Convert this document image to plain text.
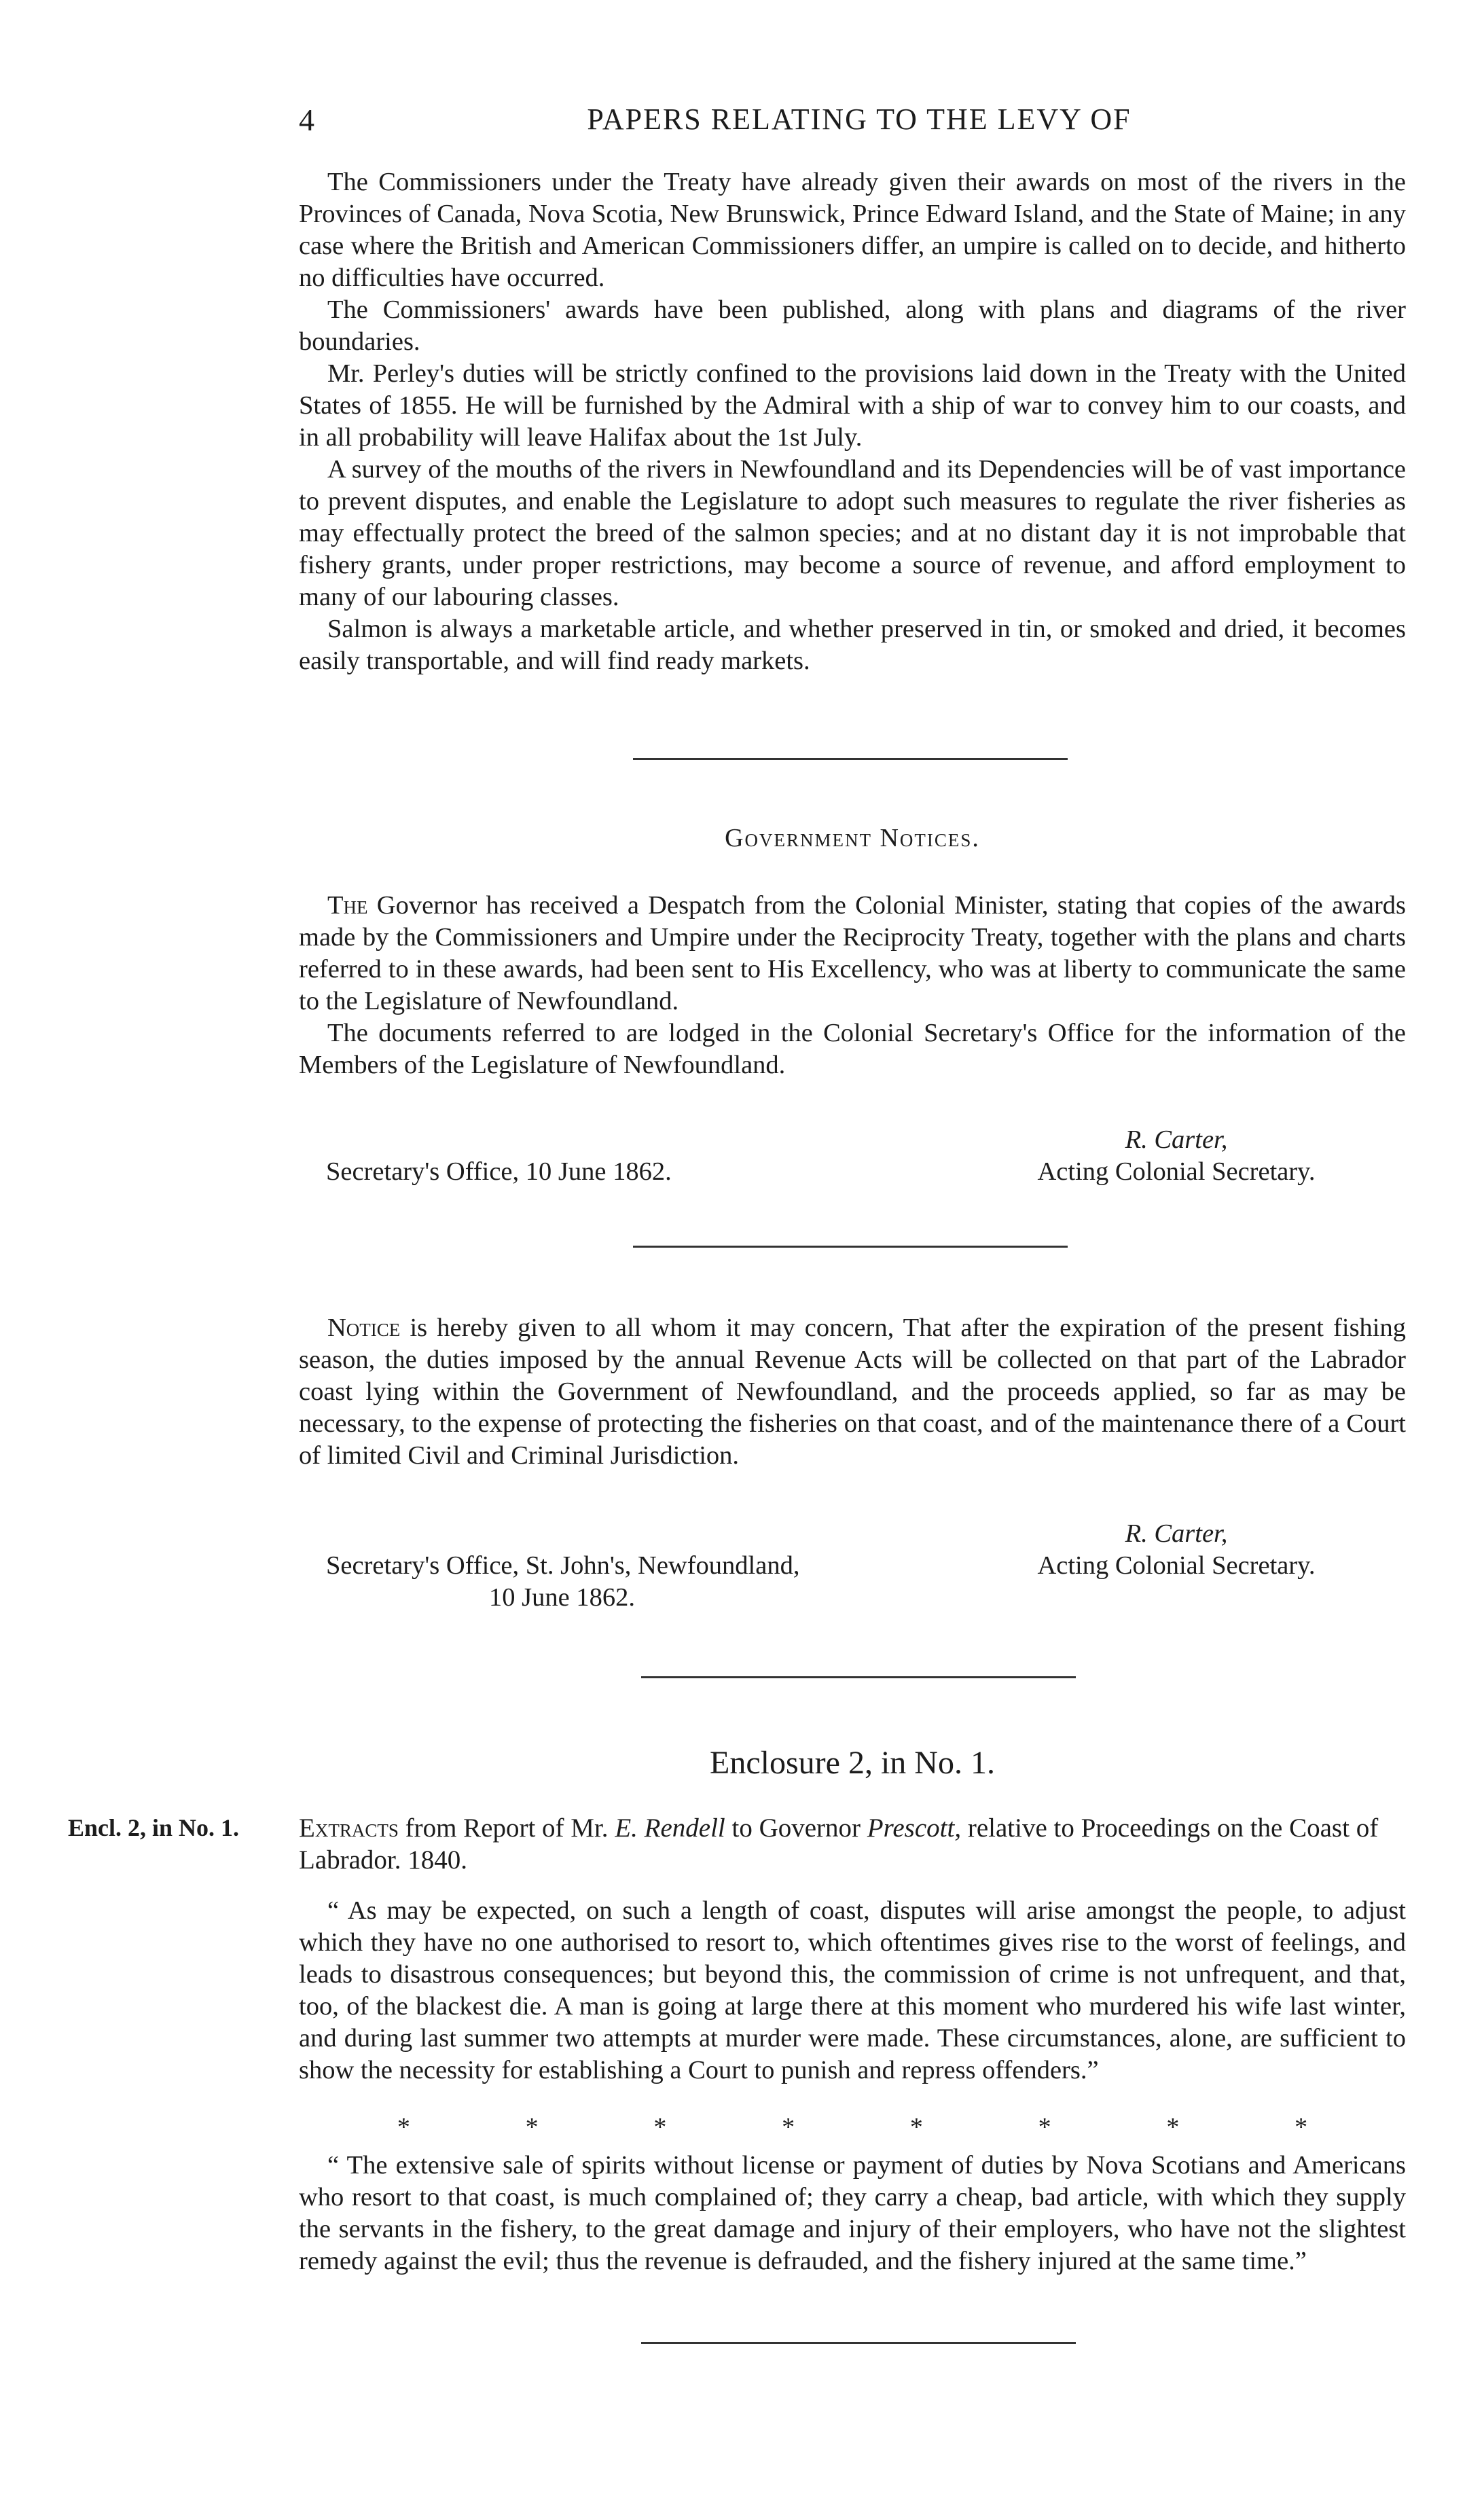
4	PAPERS RELATING TO THE LEVY OF

The Commissioners under the Treaty have already given their awards on most of the rivers in the Provinces of Canada, Nova Scotia, New Brunswick, Prince Edward Island, and the State of Maine; in any case where the British and American Commissioners differ, an umpire is called on to decide, and hitherto no difficulties have occurred.

The Commissioners' awards have been published, along with plans and diagrams of the river boundaries.

Mr. Perley's duties will be strictly confined to the provisions laid down in the Treaty with the United States of 1855. He will be furnished by the Admiral with a ship of war to convey him to our coasts, and in all probability will leave Halifax about the 1st July.

A survey of the mouths of the rivers in Newfoundland and its Dependencies will be of vast importance to prevent disputes, and enable the Legislature to adopt such measures to regulate the river fisheries as may effectually protect the breed of the salmon species; and at no distant day it is not improbable that fishery grants, under proper restrictions, may become a source of revenue, and afford employment to many of our labouring classes.

Salmon is always a marketable article, and whether preserved in tin, or smoked and dried, it becomes easily transportable, and will find ready markets.

Government Notices.

The Governor has received a Despatch from the Colonial Minister, stating that copies of the awards made by the Commissioners and Umpire under the Reciprocity Treaty, together with the plans and charts referred to in these awards, had been sent to His Excellency, who was at liberty to communicate the same to the Legislature of Newfoundland.

The documents referred to are lodged in the Colonial Secretary's Office for the information of the Members of the Legislature of Newfoundland.

R. Carter,
Acting Colonial Secretary.
Secretary's Office, 10 June 1862.

Notice is hereby given to all whom it may concern, That after the expiration of the present fishing season, the duties imposed by the annual Revenue Acts will be collected on that part of the Labrador coast lying within the Government of Newfoundland, and the proceeds applied, so far as may be necessary, to the expense of protecting the fisheries on that coast, and of the maintenance there of a Court of limited Civil and Criminal Jurisdiction.

R. Carter,
Acting Colonial Secretary.
Secretary's Office, St. John's, Newfoundland,
10 June 1862.
Enclosure 2, in No. 1.
Encl. 2, in No. 1. Extracts from Report of Mr. E. Rendell to Governor Prescott, relative to Proceedings on the Coast of Labrador. 1840.

“ As may be expected, on such a length of coast, disputes will arise amongst the people, to adjust which they have no one authorised to resort to, which oftentimes gives rise to the worst of feelings, and leads to disastrous consequences; but beyond this, the commission of crime is not unfrequent, and that, too, of the blackest die. A man is going at large there at this moment who murdered his wife last winter, and during last summer two attempts at murder were made. These circumstances, alone, are sufficient to show the necessity for establishing a Court to punish and repress offenders.”

*	*	*	*	*	*	*	*

“ The extensive sale of spirits without license or payment of duties by Nova Scotians and Americans who resort to that coast, is much complained of; they carry a cheap, bad article, with which they supply the servants in the fishery, to the great damage and injury of their employers, who have not the slightest remedy against the evil; thus the revenue is defrauded, and the fishery injured at the same time.”
